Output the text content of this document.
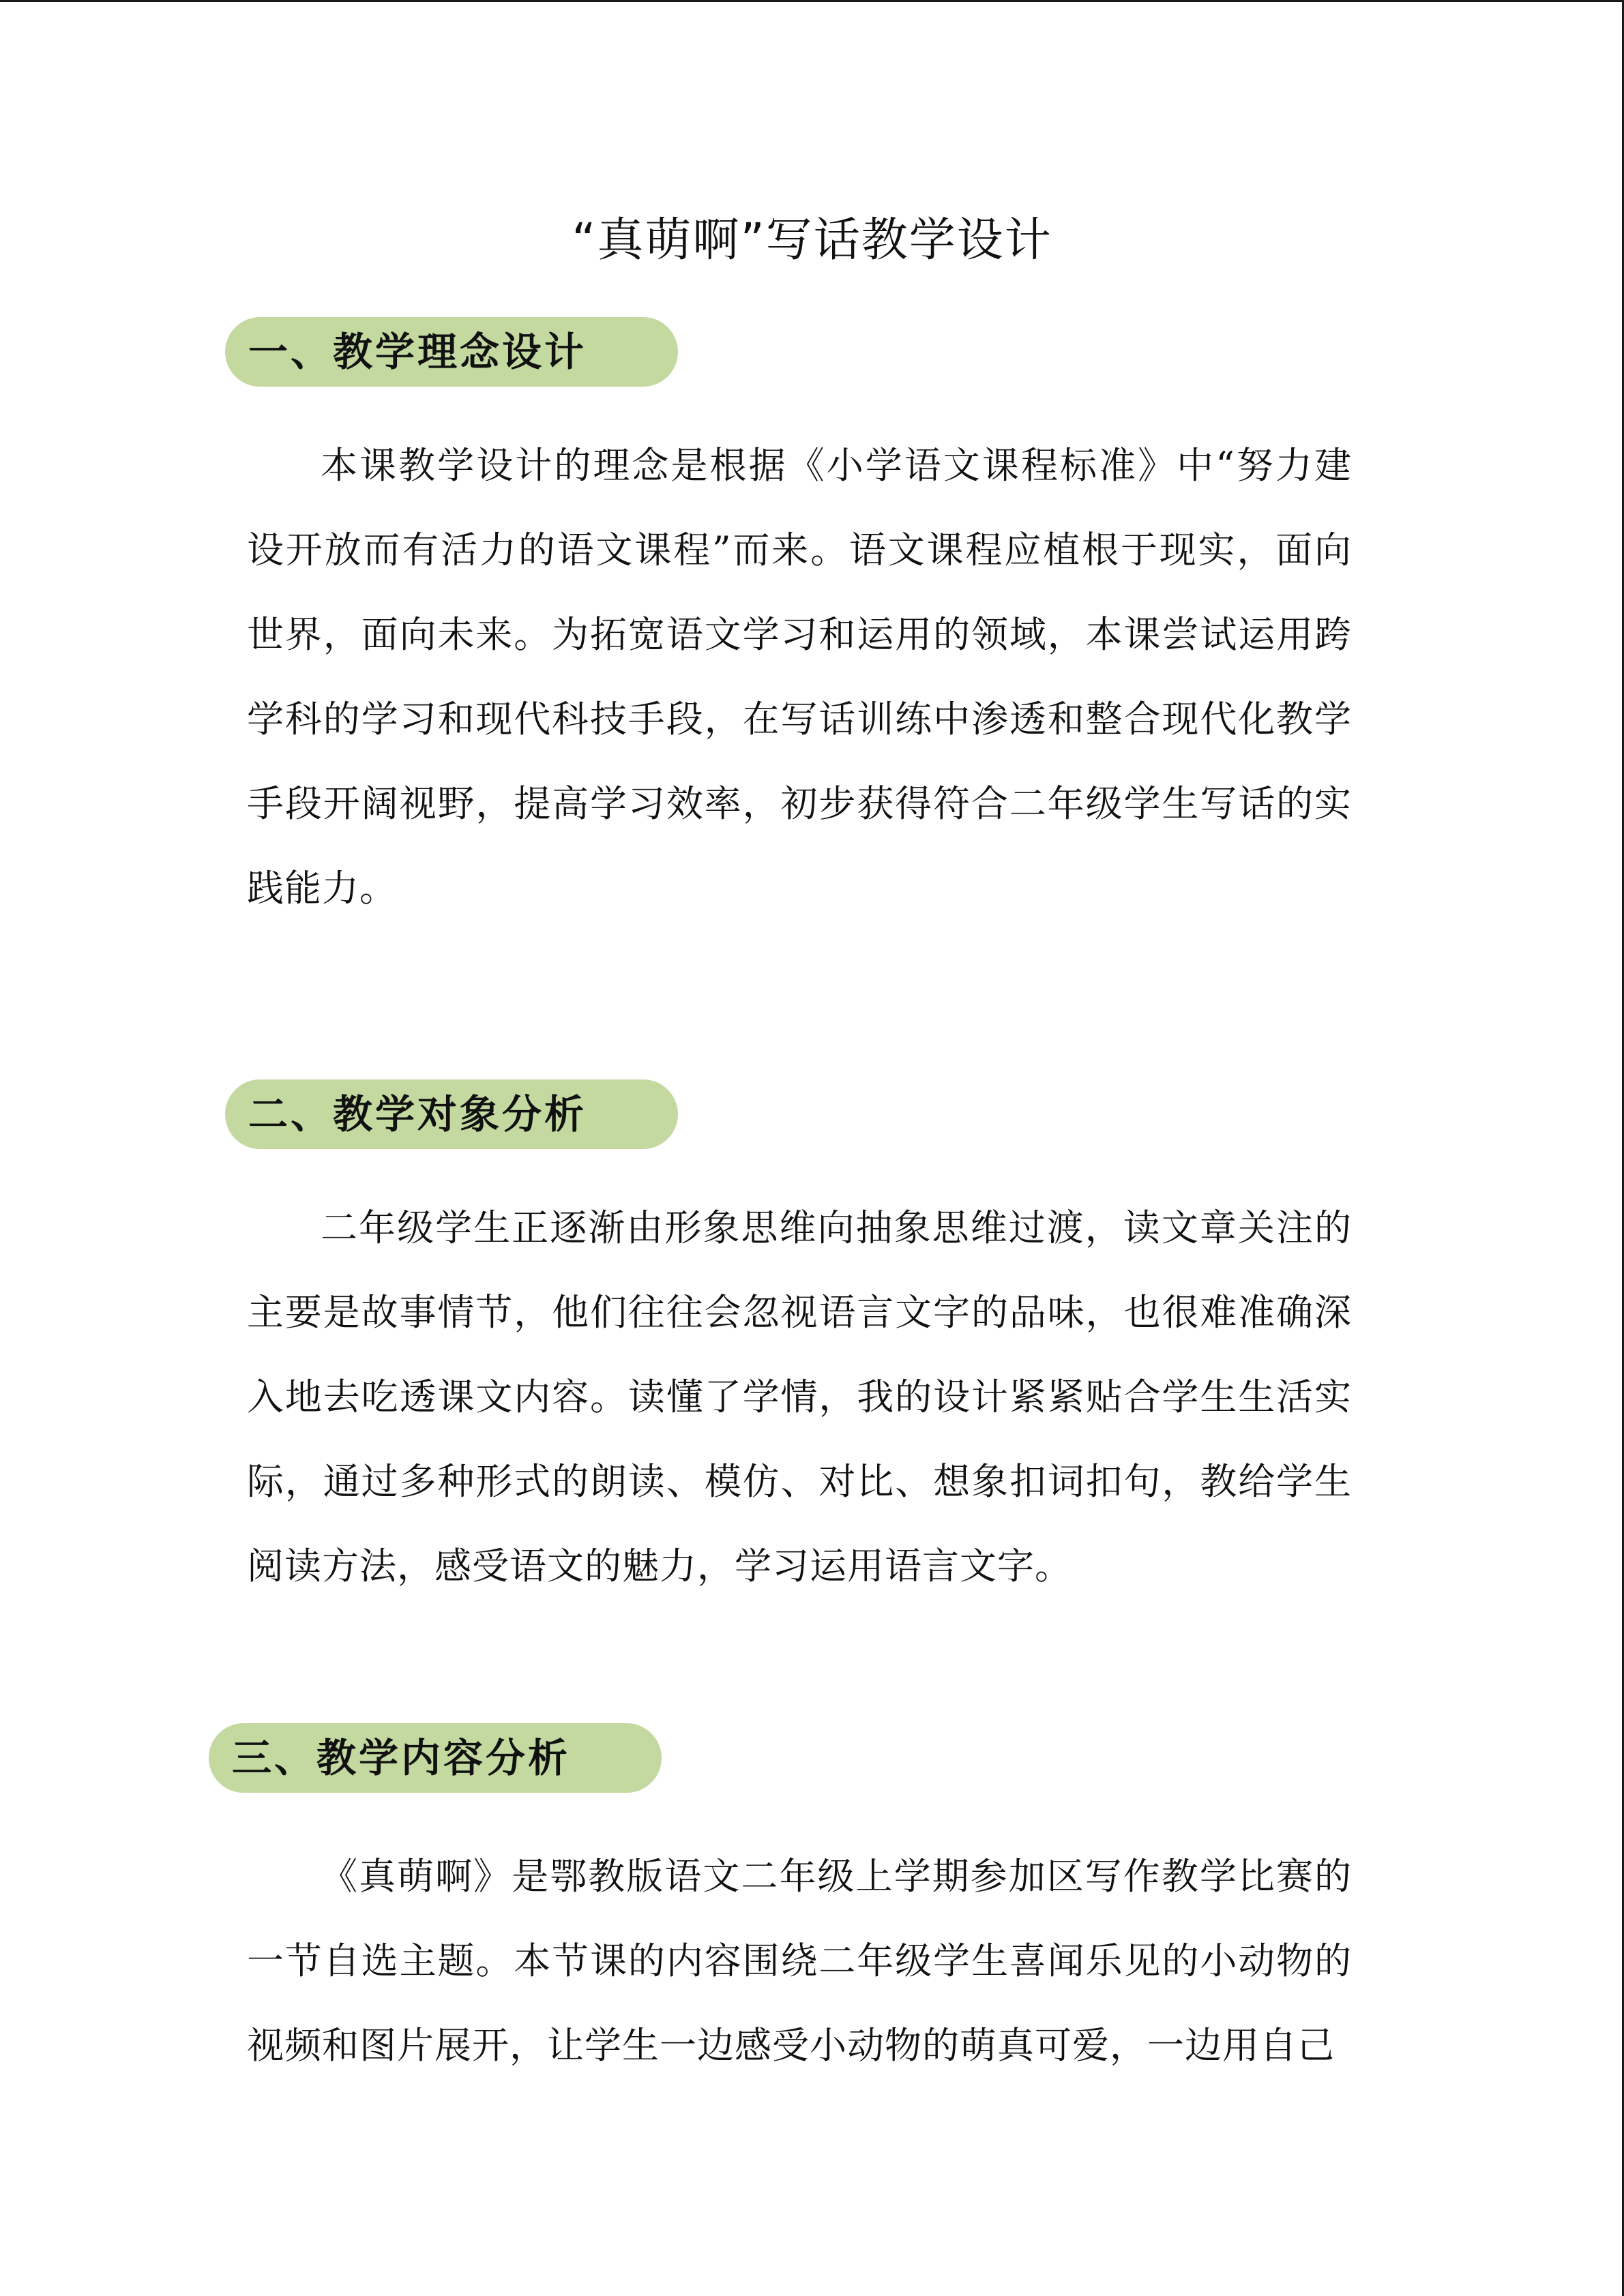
“真萌啊”写话教学设计
一、教学理念设计

本课教学设计的理念是根据《小学语文课程标准》中“努力建设开放而有活力的语文课程”而来。语文课程应植根于现实，面向世界，面向未来。为拓宽语文学习和运用的领域，本课尝试运用跨学科的学习和现代科技手段，在写话训练中渗透和整合现代化教学手段开阔视野，提高学习效率，初步获得符合二年级学生写话的实践能力。

二、教学对象分析

二年级学生正逐渐由形象思维向抽象思维过渡，读文章关注的主要是故事情节，他们往往会忽视语言文字的品味，也很难准确深入地去吃透课文内容。读懂了学情，我的设计紧紧贴合学生生活实际，通过多种形式的朗读、模仿、对比、想象扣词扣句，教给学生阅读方法，感受语文的魅力，学习运用语言文字。

三、教学内容分析

《真萌啊》是鄂教版语文二年级上学期参加区写作教学比赛的一节自选主题。本节课的内容围绕二年级学生喜闻乐见的小动物的视频和图片展开，让学生一边感受小动物的萌真可爱，一边用自己
